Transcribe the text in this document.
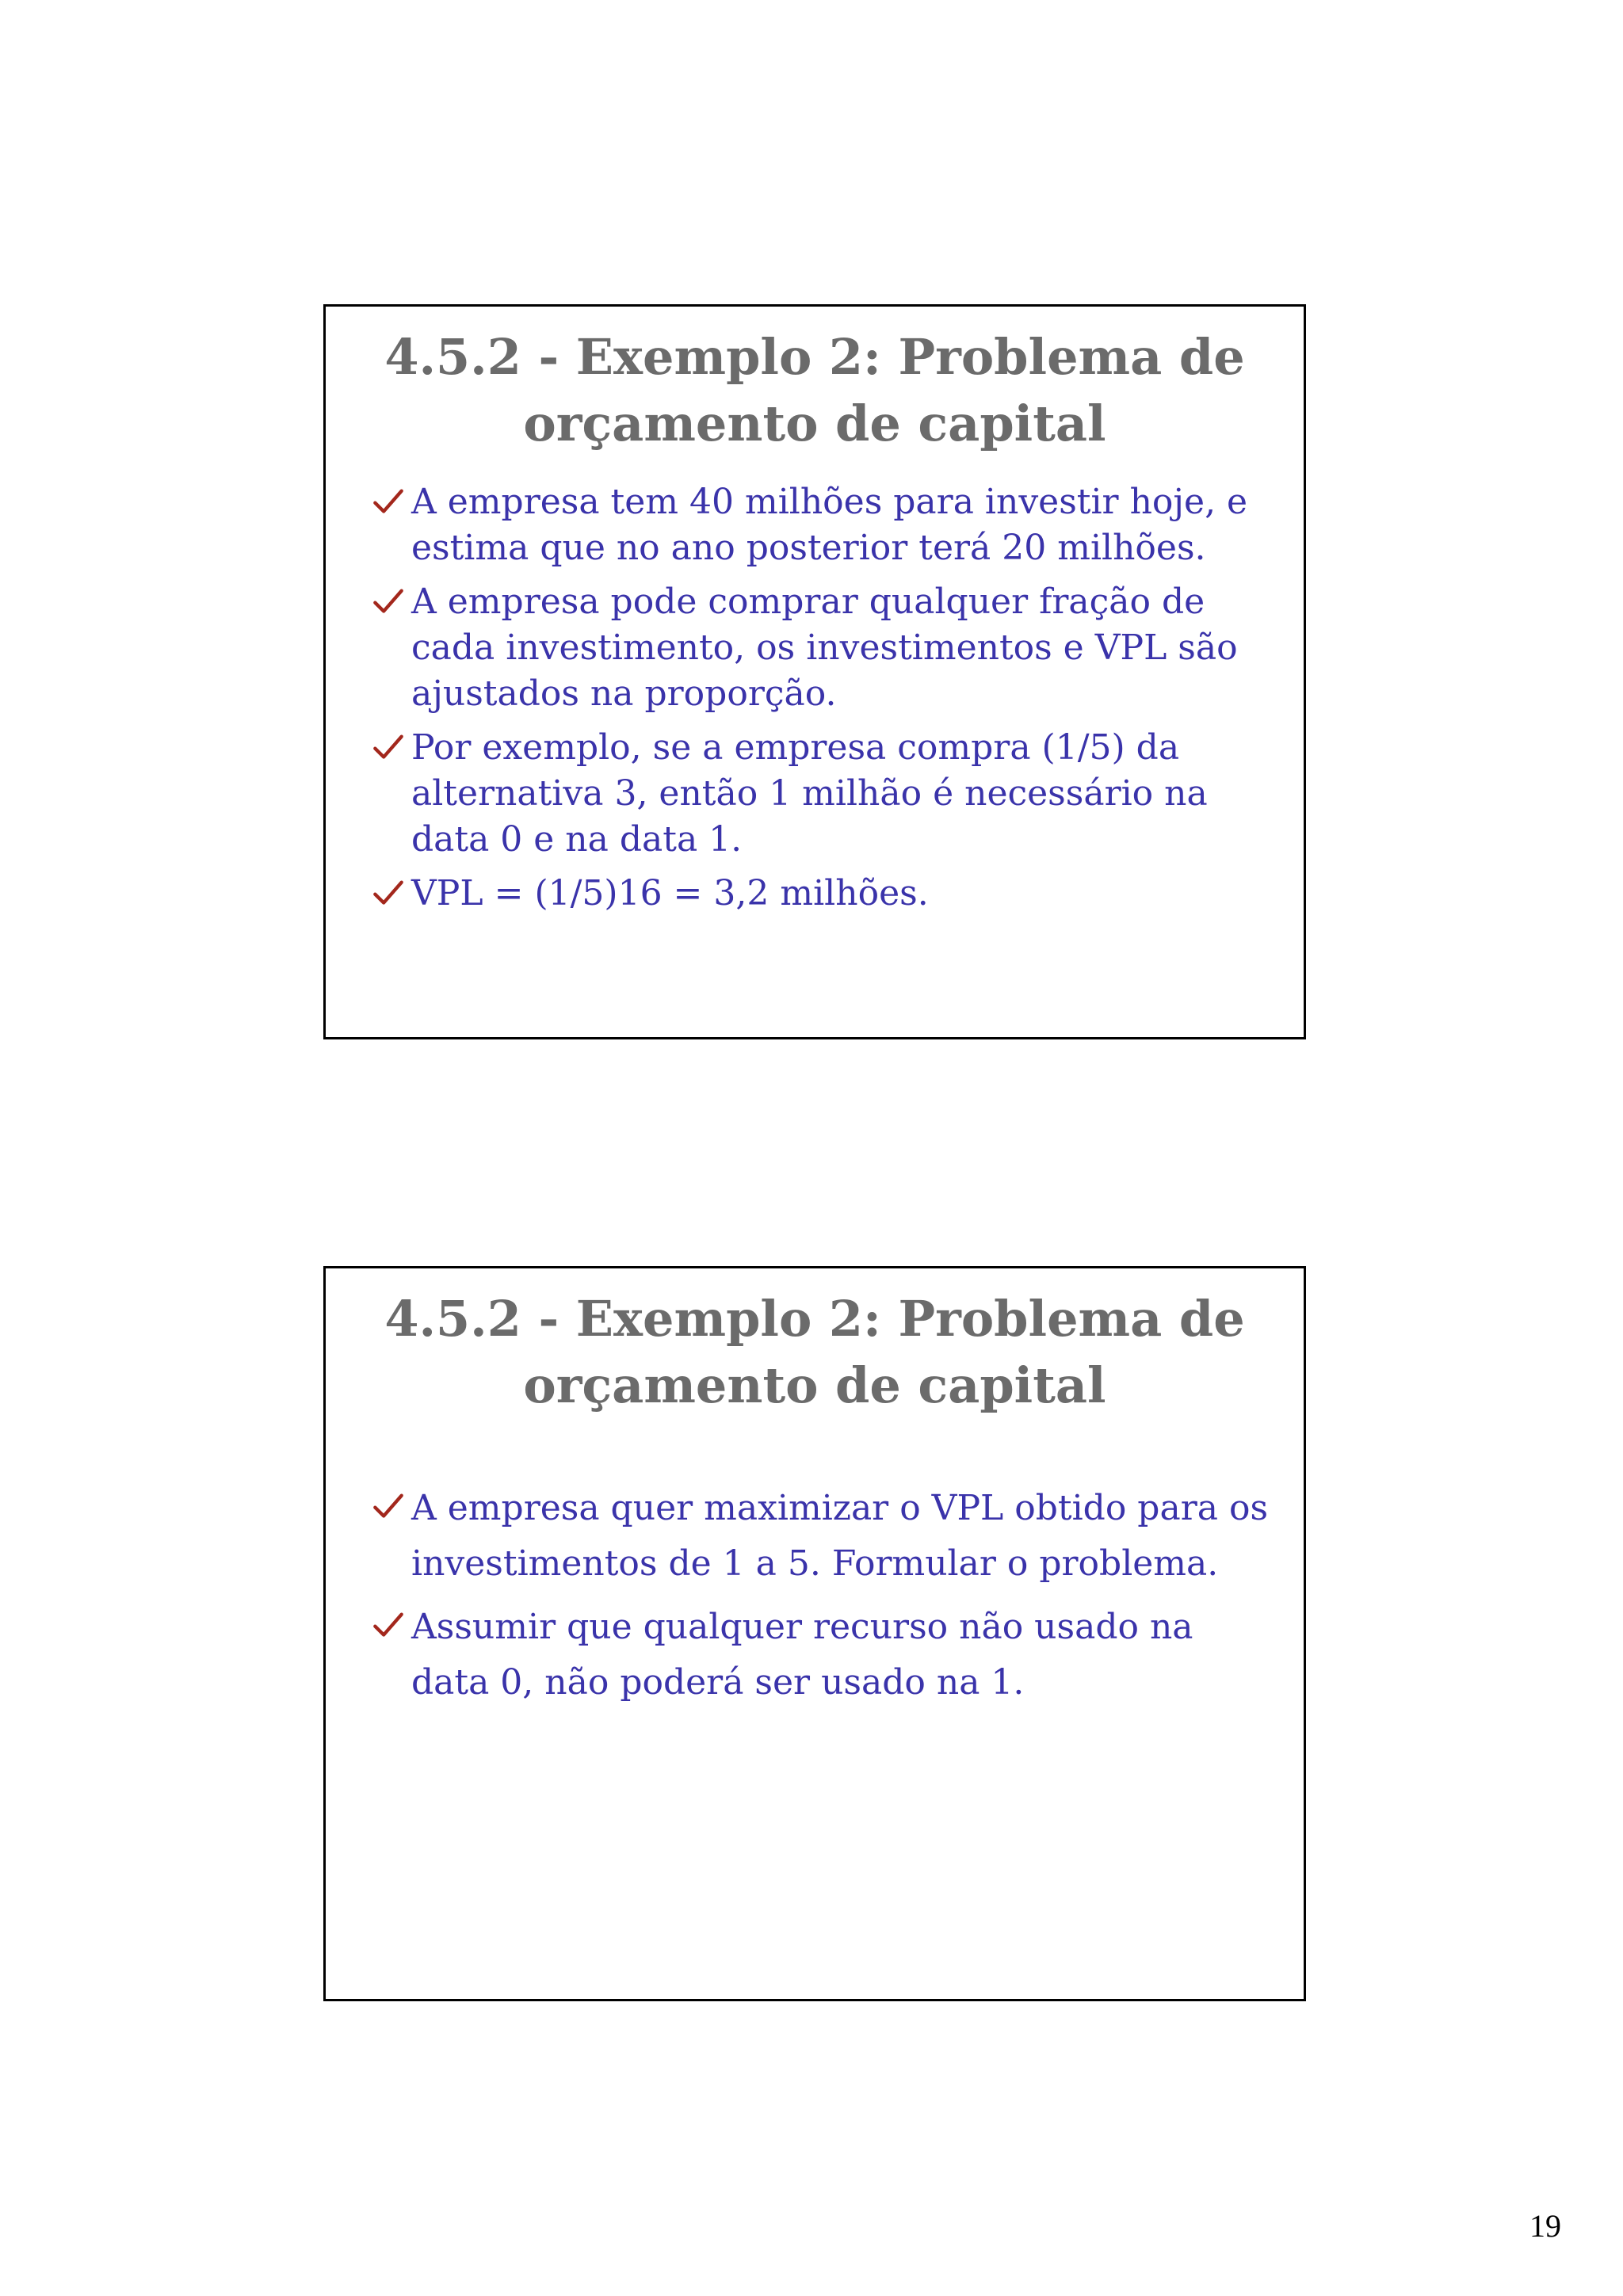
4.5.2 - Exemplo 2: Problema de
orçamento de capital
A empresa tem 40 milhões para investir hoje, e estima que no ano posterior terá 20 milhões.
A empresa pode comprar qualquer fração de cada investimento, os investimentos e VPL são ajustados na proporção.
Por exemplo, se a empresa compra (1/5) da alternativa 3, então 1 milhão é necessário na data 0 e na data 1.
VPL = (1/5)16 = 3,2 milhões.
4.5.2 - Exemplo 2: Problema de
orçamento de capital
A empresa quer maximizar o VPL obtido para os investimentos de 1 a 5. Formular o problema.
Assumir que qualquer recurso não usado na data 0, não poderá ser usado na 1.
19
